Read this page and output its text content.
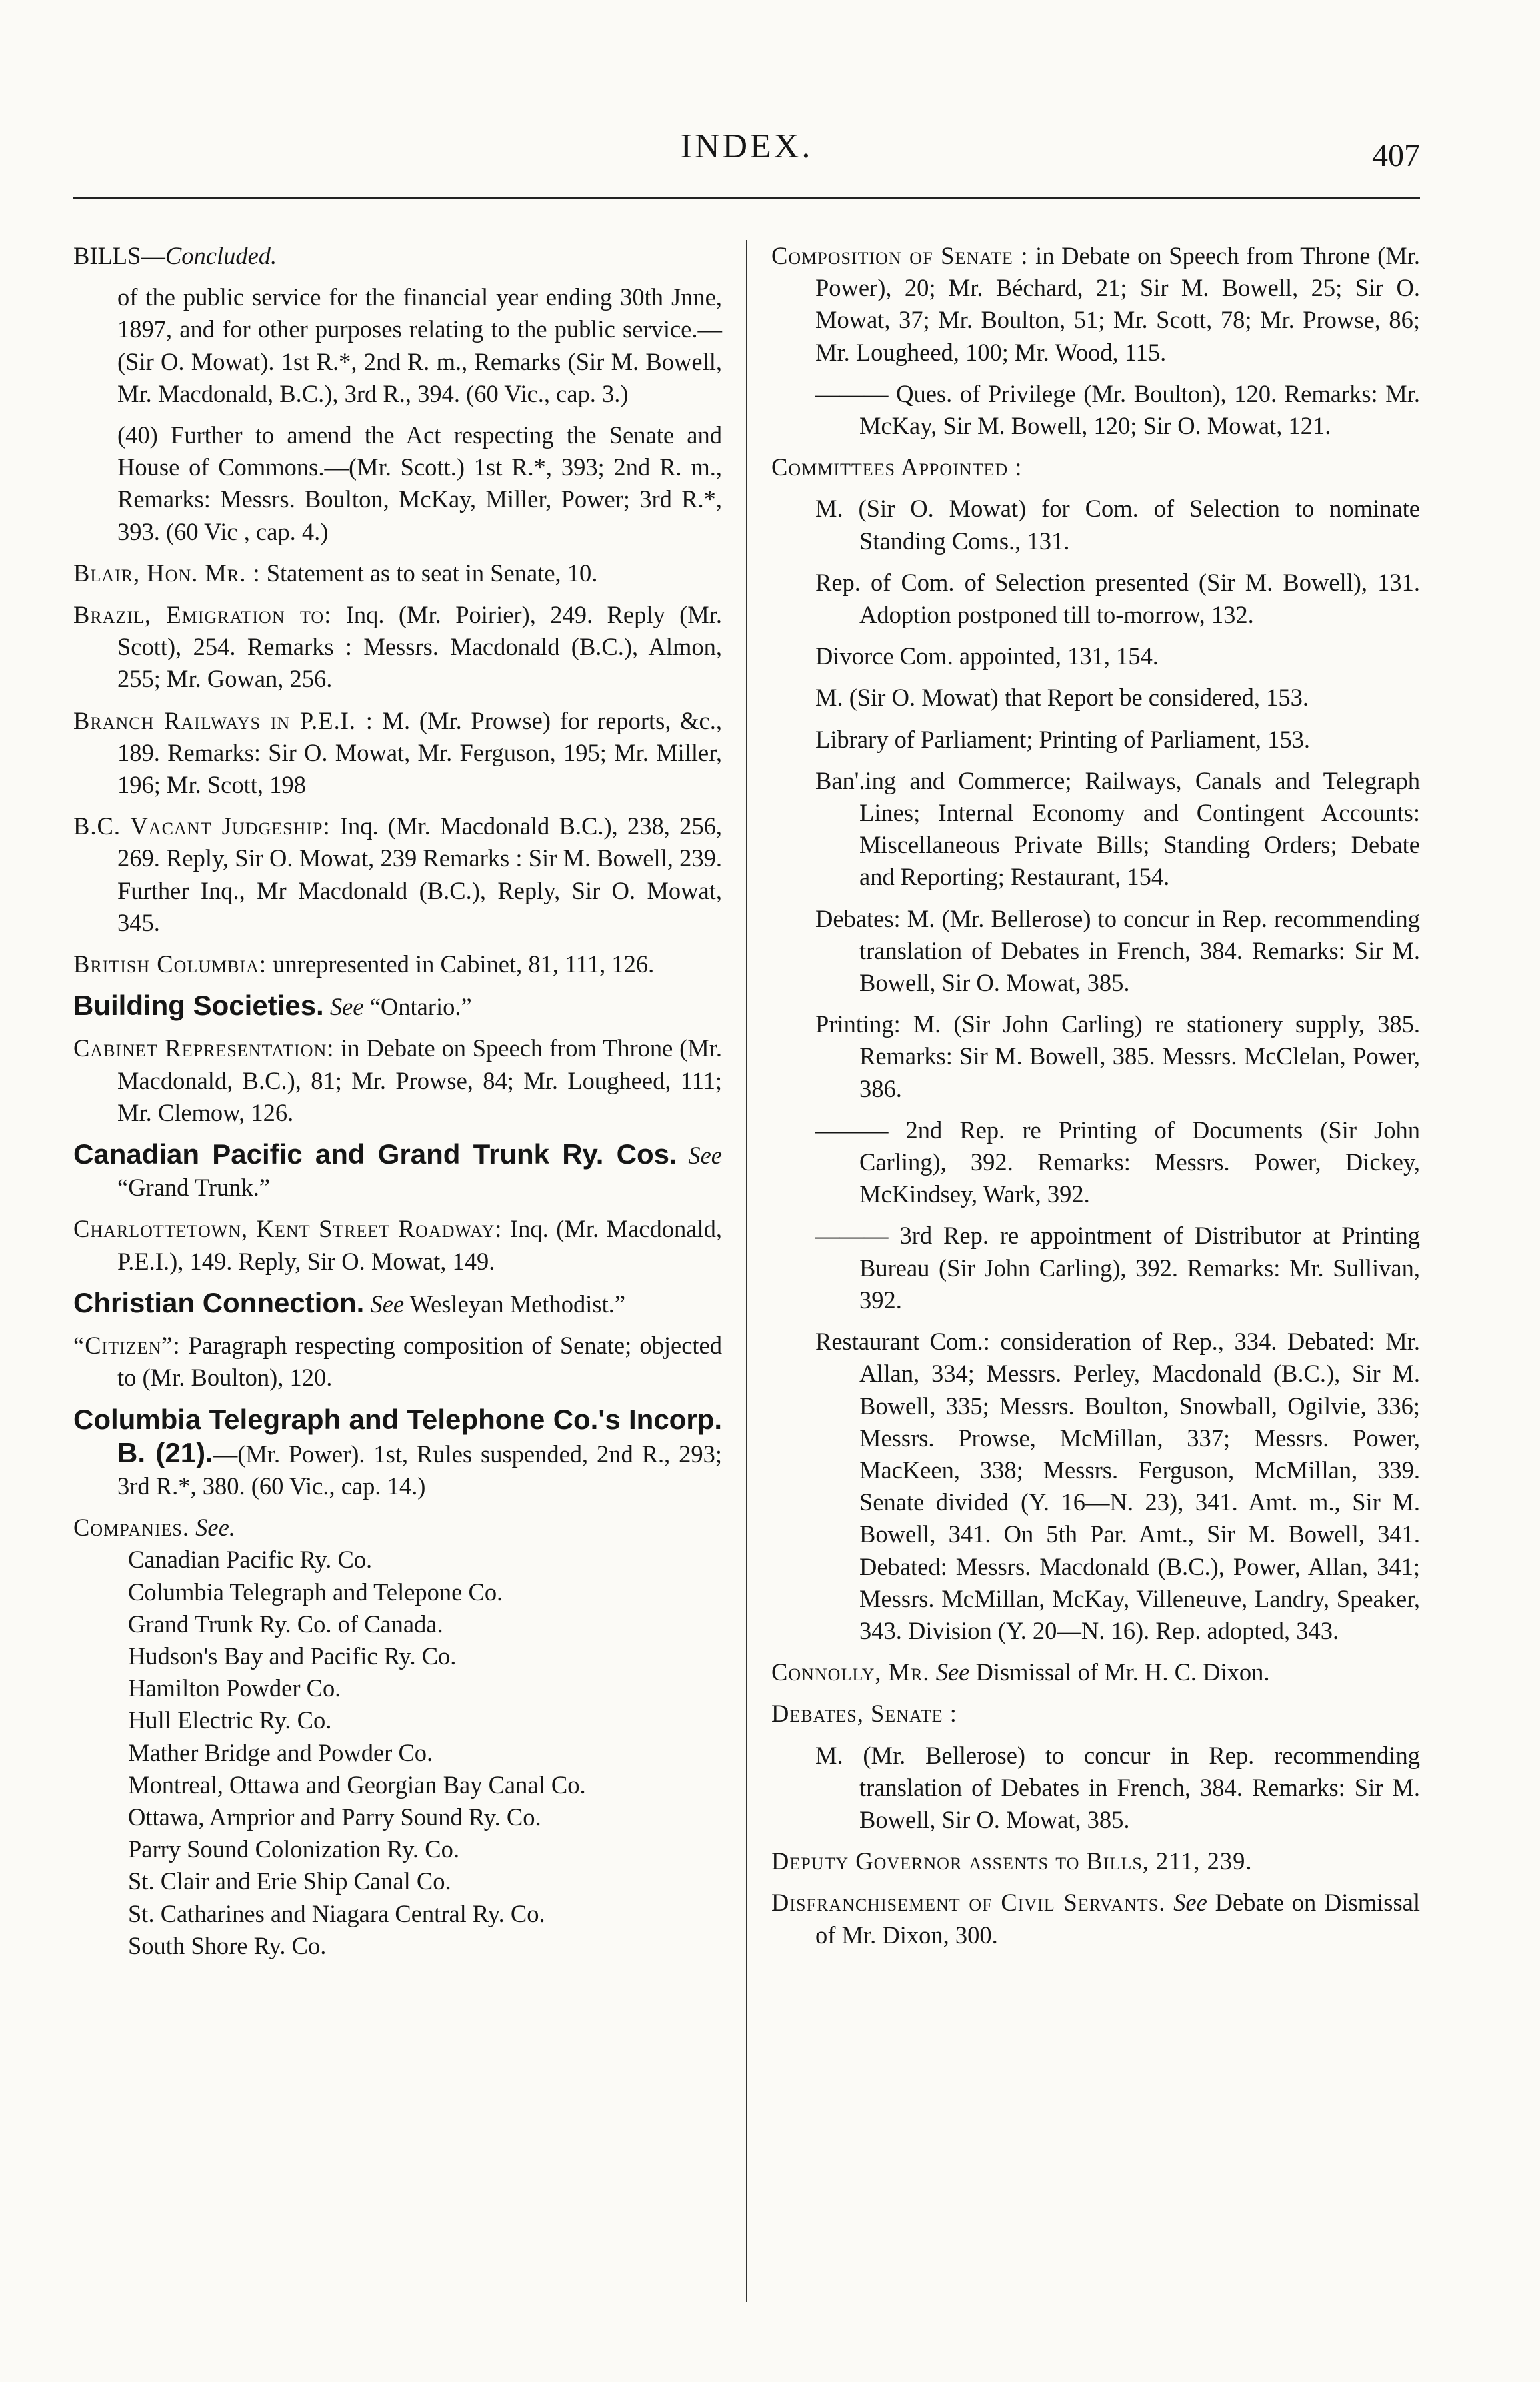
INDEX.	407
BILLS—Concluded.
of the public service for the financial year ending 30th Jnne, 1897, and for other purposes relating to the public service.—(Sir O. Mowat). 1st R.*, 2nd R. m., Remarks (Sir M. Bowell, Mr. Macdonald, B.C.), 3rd R., 394. (60 Vic., cap. 3.)
(40) Further to amend the Act respecting the Senate and House of Commons.—(Mr. Scott.) 1st R.*, 393; 2nd R. m., Remarks: Messrs. Boulton, McKay, Miller, Power; 3rd R.*, 393. (60 Vic , cap. 4.)
Blair, Hon. Mr. : Statement as to seat in Senate, 10.
Brazil, Emigration to: Inq. (Mr. Poirier), 249. Reply (Mr. Scott), 254. Remarks : Messrs. Macdonald (B.C.), Almon, 255; Mr. Gowan, 256.
Branch Railways in P.E.I. : M. (Mr. Prowse) for reports, &c., 189. Remarks: Sir O. Mowat, Mr. Ferguson, 195; Mr. Miller, 196; Mr. Scott, 198
B.C. Vacant Judgeship: Inq. (Mr. Macdonald B.C.), 238, 256, 269. Reply, Sir O. Mowat, 239 Remarks : Sir M. Bowell, 239. Further Inq., Mr Macdonald (B.C.), Reply, Sir O. Mowat, 345.
British Columbia: unrepresented in Cabinet, 81, 111, 126.
Building Societies. See “Ontario.”
Cabinet Representation: in Debate on Speech from Throne (Mr. Macdonald, B.C.), 81; Mr. Prowse, 84; Mr. Lougheed, 111; Mr. Clemow, 126.
Canadian Pacific and Grand Trunk Ry. Cos. See “Grand Trunk.”
Charlottetown, Kent Street Roadway: Inq. (Mr. Macdonald, P.E.I.), 149. Reply, Sir O. Mowat, 149.
Christian Connection. See Wesleyan Methodist.”
“Citizen”: Paragraph respecting composition of Senate; objected to (Mr. Boulton), 120.
Columbia Telegraph and Telephone Co.'s Incorp. B. (21).—(Mr. Power). 1st, Rules suspended, 2nd R., 293; 3rd R.*, 380. (60 Vic., cap. 14.)
Companies. See.
Canadian Pacific Ry. Co.
Columbia Telegraph and Telepone Co.
Grand Trunk Ry. Co. of Canada.
Hudson's Bay and Pacific Ry. Co.
Hamilton Powder Co.
Hull Electric Ry. Co.
Mather Bridge and Powder Co.
Montreal, Ottawa and Georgian Bay Canal Co.
Ottawa, Arnprior and Parry Sound Ry. Co.
Parry Sound Colonization Ry. Co.
St. Clair and Erie Ship Canal Co.
St. Catharines and Niagara Central Ry. Co.
South Shore Ry. Co.
Composition of Senate : in Debate on Speech from Throne (Mr. Power), 20; Mr. Béchard, 21; Sir M. Bowell, 25; Sir O. Mowat, 37; Mr. Boulton, 51; Mr. Scott, 78; Mr. Prowse, 86; Mr. Lougheed, 100; Mr. Wood, 115.
——— Ques. of Privilege (Mr. Boulton), 120. Remarks: Mr. McKay, Sir M. Bowell, 120; Sir O. Mowat, 121.
Committees Appointed :
M. (Sir O. Mowat) for Com. of Selection to nominate Standing Coms., 131.
Rep. of Com. of Selection presented (Sir M. Bowell), 131. Adoption postponed till to-morrow, 132.
Divorce Com. appointed, 131, 154.
M. (Sir O. Mowat) that Report be considered, 153.
Library of Parliament; Printing of Parliament, 153.
Ban'.ing and Commerce; Railways, Canals and Telegraph Lines; Internal Economy and Contingent Accounts: Miscellaneous Private Bills; Standing Orders; Debate and Reporting; Restaurant, 154.
Debates: M. (Mr. Bellerose) to concur in Rep. recommending translation of Debates in French, 384. Remarks: Sir M. Bowell, Sir O. Mowat, 385.
Printing: M. (Sir John Carling) re stationery supply, 385. Remarks: Sir M. Bowell, 385. Messrs. McClelan, Power, 386.
——— 2nd Rep. re Printing of Documents (Sir John Carling), 392. Remarks: Messrs. Power, Dickey, McKindsey, Wark, 392.
——— 3rd Rep. re appointment of Distributor at Printing Bureau (Sir John Carling), 392. Remarks: Mr. Sullivan, 392.
Restaurant Com.: consideration of Rep., 334. Debated: Mr. Allan, 334; Messrs. Perley, Macdonald (B.C.), Sir M. Bowell, 335; Messrs. Boulton, Snowball, Ogilvie, 336; Messrs. Prowse, McMillan, 337; Messrs. Power, MacKeen, 338; Messrs. Ferguson, McMillan, 339. Senate divided (Y. 16—N. 23), 341. Amt. m., Sir M. Bowell, 341. On 5th Par. Amt., Sir M. Bowell, 341. Debated: Messrs. Macdonald (B.C.), Power, Allan, 341; Messrs. McMillan, McKay, Villeneuve, Landry, Speaker, 343. Division (Y. 20—N. 16). Rep. adopted, 343.
Connolly, Mr. See Dismissal of Mr. H. C. Dixon.
Debates, Senate :
M. (Mr. Bellerose) to concur in Rep. recommending translation of Debates in French, 384. Remarks: Sir M. Bowell, Sir O. Mowat, 385.
Deputy Governor assents to Bills, 211, 239.
Disfranchisement of Civil Servants. See Debate on Dismissal of Mr. Dixon, 300.
